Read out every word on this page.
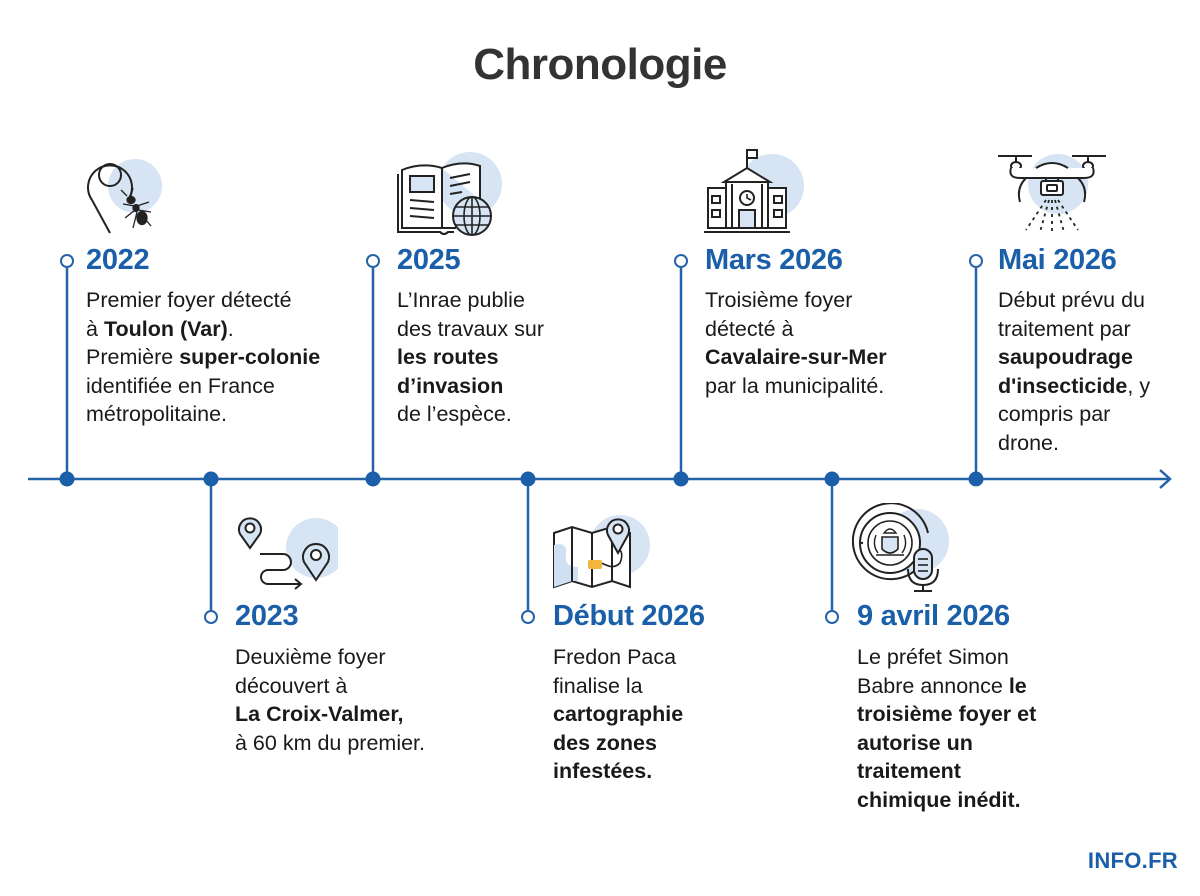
Chronologie
2022
Premier foyer détecté
à Toulon (Var).
Première super-colonie
identifiée en France
métropolitaine.
2023
Deuxième foyer
découvert à
La Croix-Valmer,
à 60 km du premier.
2025
L’Inrae publie
des travaux sur
les routes
d’invasion
de l’espèce.
Début 2026
Fredon Paca
finalise la
cartographie
des zones
infestées.
Mars 2026
Troisième foyer
détecté à
Cavalaire-sur-Mer
par la municipalité.
9 avril 2026
Le préfet Simon
Babre annonce le
troisième foyer et
autorise un
traitement
chimique inédit.
Mai 2026
Début prévu du
traitement par
saupoudrage
d'insecticide, y
compris par
drone.
INFO.FR
